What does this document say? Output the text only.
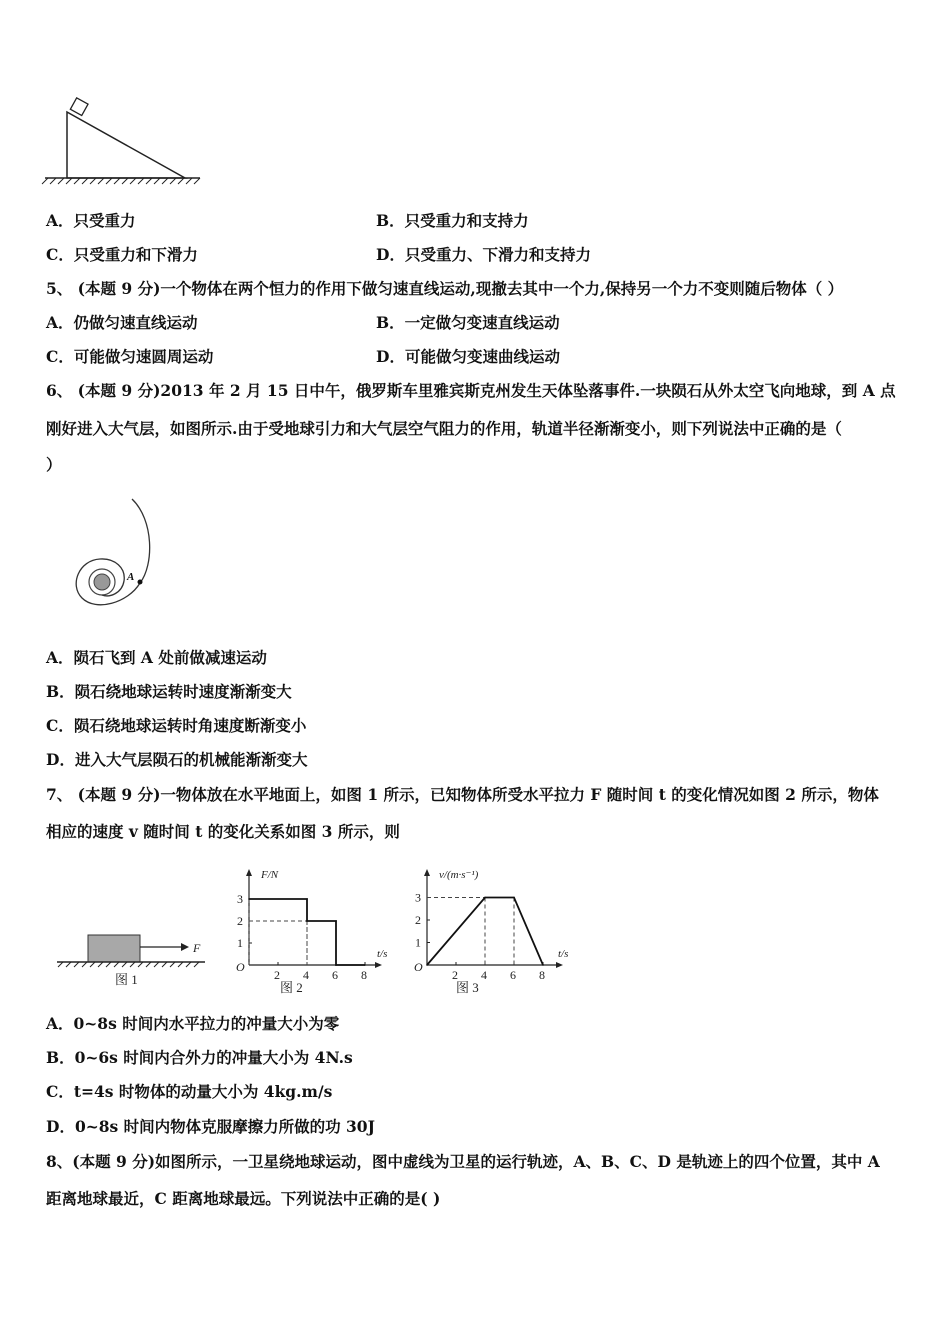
A．只受重力	B．只受重力和支持力
C．只受重力和下滑力	D．只受重力、下滑力和支持力
5、 (本题 9 分)一个物体在两个恒力的作用下做匀速直线运动,现撤去其中一个力,保持另一个力不变则随后物体（ ）
A．仍做匀速直线运动	B．一定做匀变速直线运动
C．可能做匀速圆周运动	D．可能做匀变速曲线运动
6、 (本题 9 分)2013 年 2 月 15 日中午，俄罗斯车里雅宾斯克州发生天体坠落事件.一块陨石从外太空飞向地球，到 A 点
刚好进入大气层，如图所示.由于受地球引力和大气层空气阻力的作用，轨道半径渐渐变小，则下列说法中正确的是（
）
A
A．陨石飞到 A 处前做减速运动
B．陨石绕地球运转时速度渐渐变大
C．陨石绕地球运转时角速度断渐变小
D．进入大气层陨石的机械能渐渐变大
7、 (本题 9 分)一物体放在水平地面上，如图 1 所示，已知物体所受水平拉力 F 随时间 t 的变化情况如图 2 所示，物体
相应的速度 v 随时间 t 的变化关系如图 3 所示，则
F
图 1
F/N
t/s
O
2 4 6 8
1
2
3
图 2
v/(m·s⁻¹)
t/s
O
2 4 6 8
1
2
3
图 3
A．0~8s 时间内水平拉力的冲量大小为零
B．0~6s 时间内合外力的冲量大小为 4N.s
C．t=4s 时物体的动量大小为 4kg.m/s
D．0~8s 时间内物体克服摩擦力所做的功 30J
8、(本题 9 分)如图所示，一卫星绕地球运动，图中虚线为卫星的运行轨迹，A、B、C、D 是轨迹上的四个位置，其中 A
距离地球最近，C 距离地球最远。下列说法中正确的是( )
